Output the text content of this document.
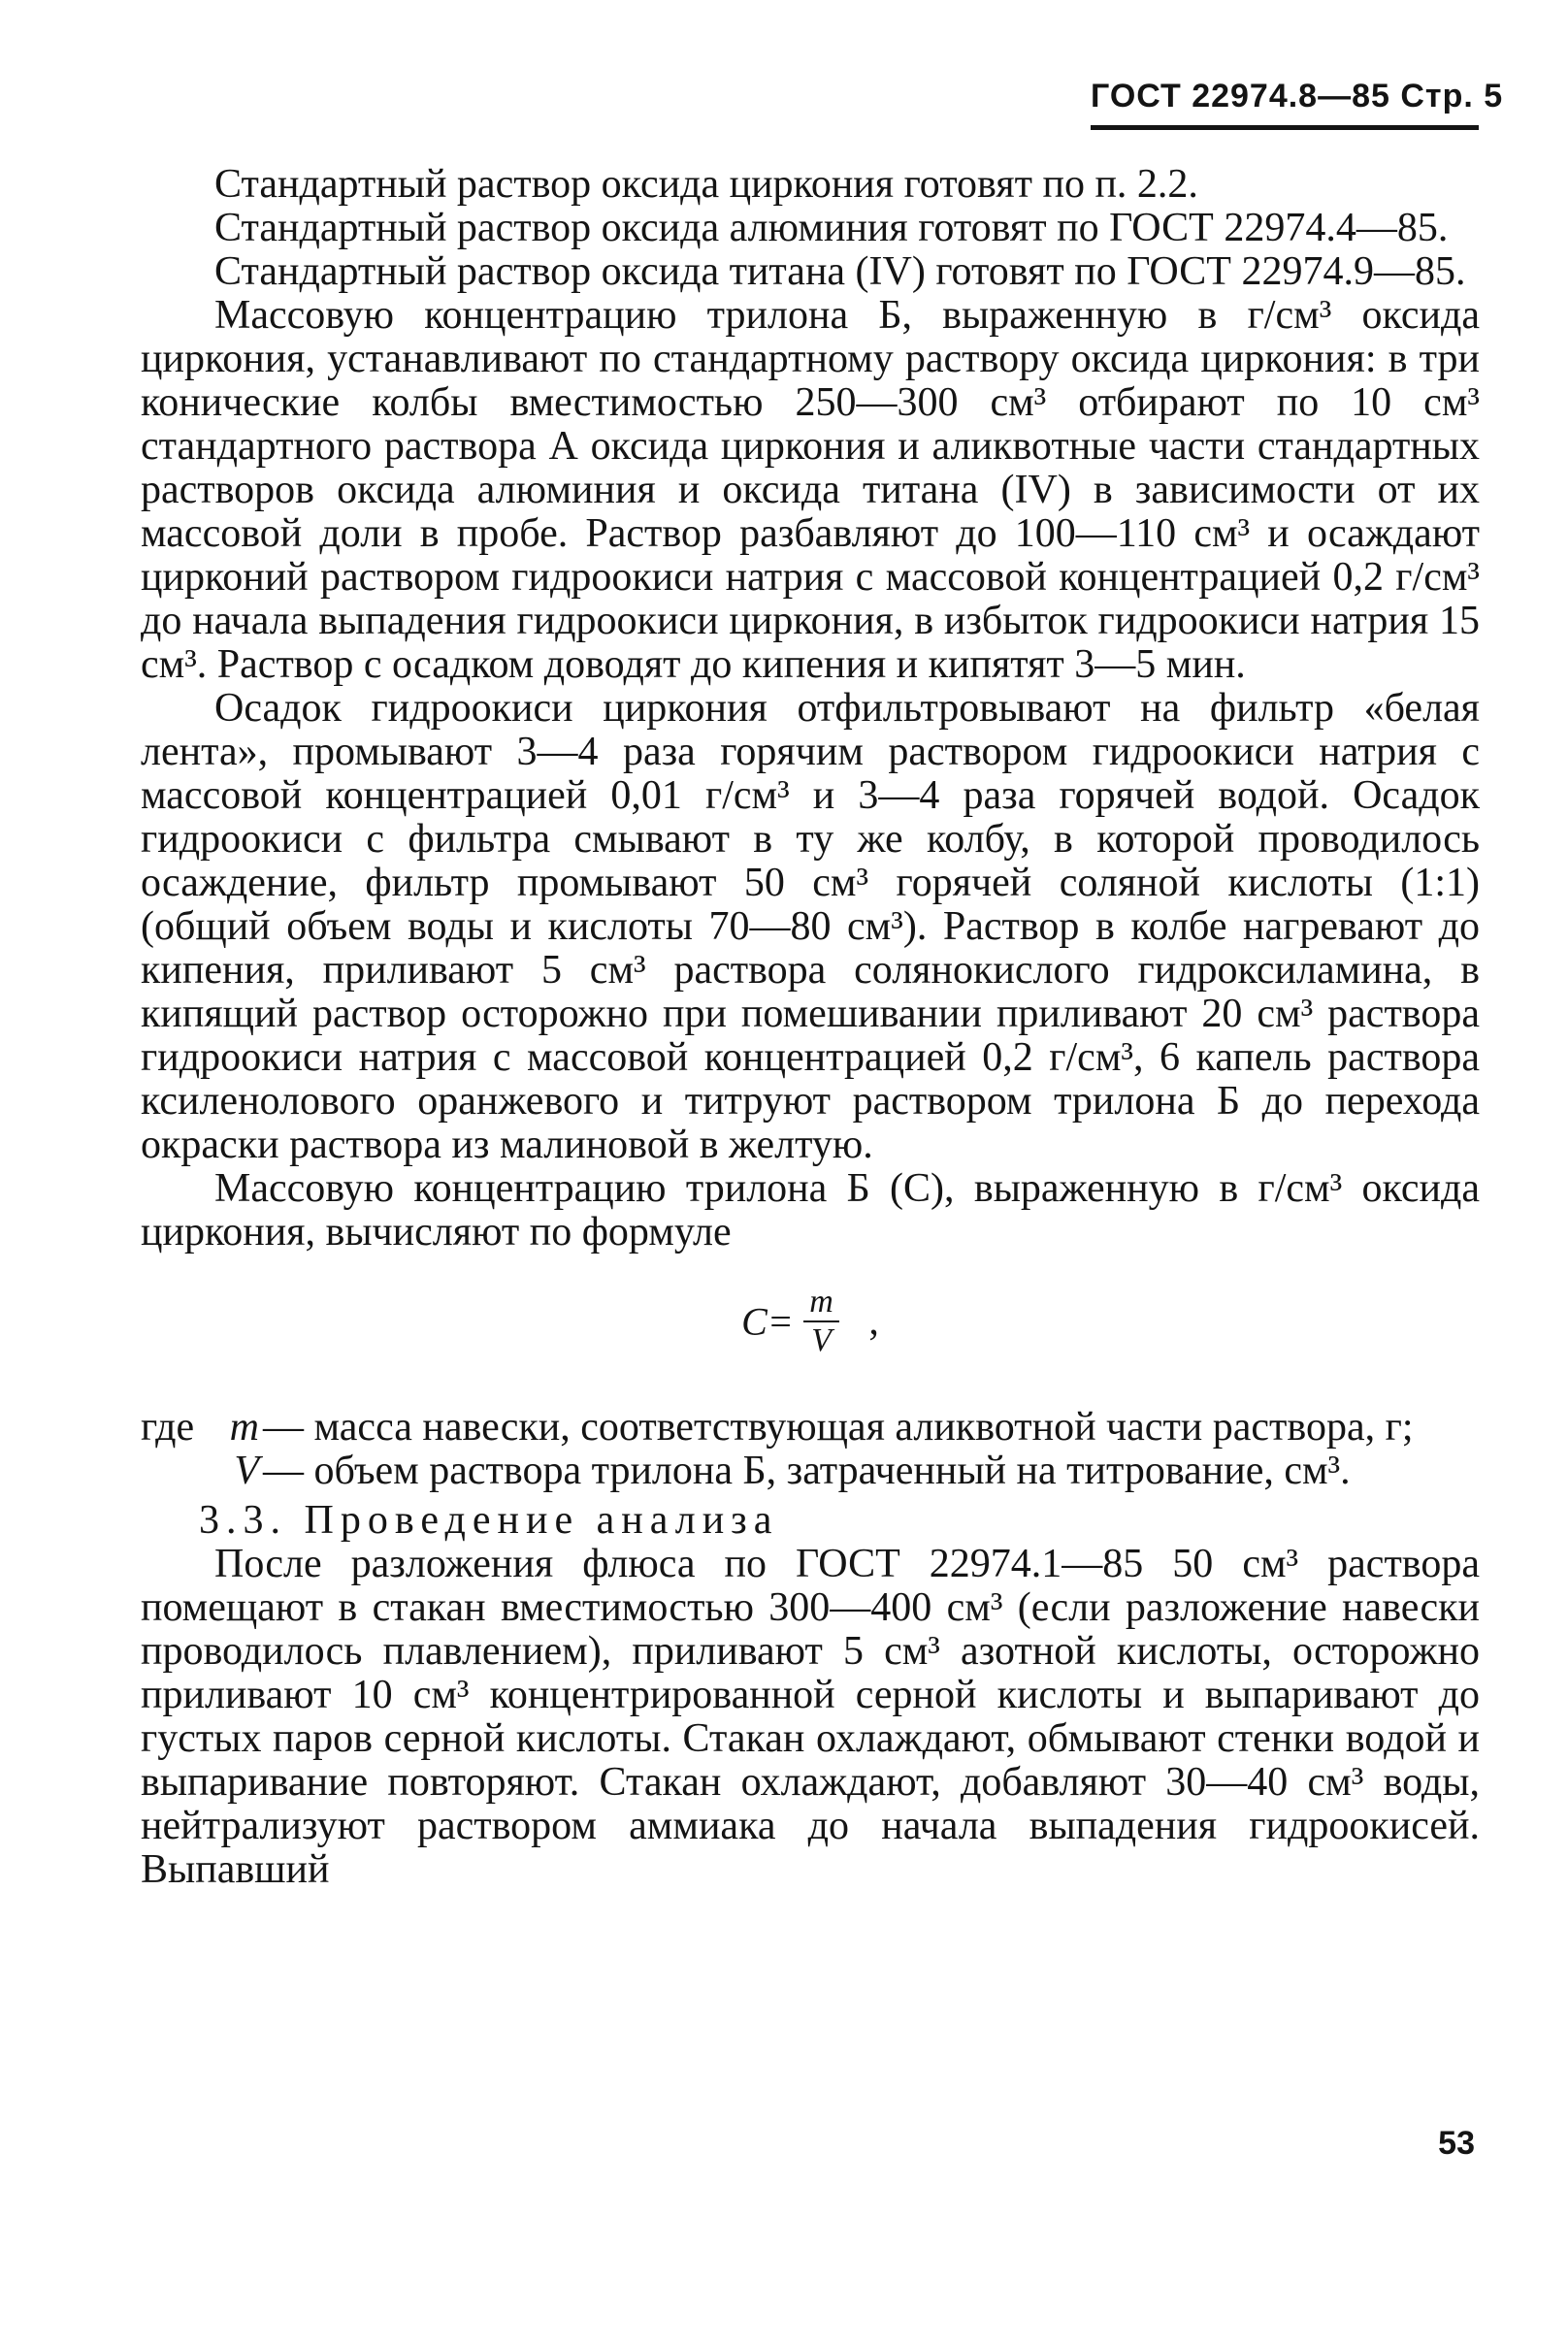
ГОСТ 22974.8—85 Стр. 5

Стандартный раствор оксида циркония готовят по п. 2.2.

Стандартный раствор оксида алюминия готовят по ГОСТ 22974.4—85.

Стандартный раствор оксида титана (IV) готовят по ГОСТ 22974.9—85.

Массовую концентрацию трилона Б, выраженную в г/см³ оксида циркония, устанавливают по стандартному раствору оксида циркония: в три конические колбы вместимостью 250—300 см³ отбирают по 10 см³ стандартного раствора А оксида циркония и аликвотные части стандартных растворов оксида алюминия и оксида титана (IV) в зависимости от их массовой доли в пробе. Раствор разбавляют до 100—110 см³ и осаждают цирконий раствором гидроокиси натрия с массовой концентрацией 0,2 г/см³ до начала выпадения гидроокиси циркония, в избыток гидроокиси натрия 15 см³. Раствор с осадком доводят до кипения и кипятят 3—5 мин.

Осадок гидроокиси циркония отфильтровывают на фильтр «белая лента», промывают 3—4 раза горячим раствором гидроокиси натрия с массовой концентрацией 0,01 г/см³ и 3—4 раза горячей водой. Осадок гидроокиси с фильтра смывают в ту же колбу, в которой проводилось осаждение, фильтр промывают 50 см³ горячей соляной кислоты (1:1) (общий объем воды и кислоты 70—80 см³). Раствор в колбе нагревают до кипения, приливают 5 см³ раствора солянокислого гидроксиламина, в кипящий раствор осторожно при помешивании приливают 20 см³ раствора гидроокиси натрия с массовой концентрацией 0,2 г/см³, 6 капель раствора ксиленолового оранжевого и титруют раствором трилона Б до перехода окраски раствора из малиновой в желтую.

Массовую концентрацию трилона Б (С), выраженную в г/см³ оксида циркония, вычисляют по формуле

$С= \frac{m}{V}$ ,
где m — масса навески, соответствующая аликвотной части раствора, г;
V — объем раствора трилона Б, затраченный на титрование, см³.

3.3. Проведение анализа

После разложения флюса по ГОСТ 22974.1—85 50 см³ раствора помещают в стакан вместимостью 300—400 см³ (если разложение навески проводилось плавлением), приливают 5 см³ азотной кислоты, осторожно приливают 10 см³ концентрированной серной кислоты и выпаривают до густых паров серной кислоты. Стакан охлаждают, обмывают стенки водой и выпаривание повторяют. Стакан охлаждают, добавляют 30—40 см³ воды, нейтрализуют раствором аммиака до начала выпадения гидроокисей. Выпавший

53
